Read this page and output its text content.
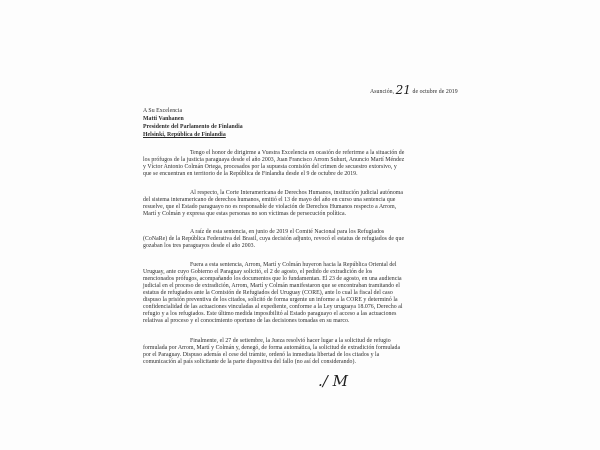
Asunción, 21 de octubre de 2019
A Su Excelencia
Matti Vanhanen
Presidente del Parlamento de Finlandia
Helsinki, República de Finlandia
Tengo el honor de dirigirme a Vuestra Excelencia en ocasión de referirme a la situación de
los prófugos de la justicia paraguaya desde el año 2003, Juan Francisco Arrom Suhurt, Anuncio Martí Méndez
y Víctor Antonio Colmán Ortega, procesados por la supuesta comisión del crimen de secuestro extorsivo, y
que se encuentran en territorio de la República de Finlandia desde el 9 de octubre de 2019.
Al respecto, la Corte Interamericana de Derechos Humanos, institución judicial autónoma
del sistema interamericano de derechos humanos, emitió el 13 de mayo del año en curso una sentencia que
resuelve, que el Estado paraguayo no es responsable de violación de Derechos Humanos respecto a Arrom,
Martí y Colmán y expresa que estas personas no son víctimas de persecución política.
A raíz de esta sentencia, en junio de 2019 el Comité Nacional para los Refugiados
(CoNaRe) de la República Federativa del Brasil, cuya decisión adjunto, revocó el estatus de refugiados de que
gozaban los tres paraguayos desde el año 2003.
Fuera a esta sentencia, Arrom, Martí y Colmán huyeron hacia la República Oriental del
Uruguay, ante cuyo Gobierno el Paraguay solicitó, el 2 de agosto, el pedido de extradición de los
mencionados prófugos, acompañando los documentos que lo fundamentan. El 23 de agosto, en una audiencia
judicial en el proceso de extradición, Arrom, Martí y Colmán manifestaron que se encontraban tramitando el
estatus de refugiados ante la Comisión de Refugiados del Uruguay (CORE), ante lo cual la fiscal del caso
dispuso la prisión preventiva de los citados, solicitó de forma urgente un informe a la CORE y determinó la
confidencialidad de las actuaciones vinculadas al expediente, conforme a la Ley uruguaya 18.076, Derecho al
refugio y a los refugiados. Este último medida imposibilitó al Estado paraguayo el acceso a las actuaciones
relativas al proceso y el conocimiento oportuno de las decisiones tomadas en su marco.
Finalmente, el 27 de setiembre, la Jueza resolvió hacer lugar a la solicitud de refugio
formulada por Arrom, Martí y Colmán y, denegó, de forma automática, la solicitud de extradición formulada
por el Paraguay. Dispuso además el cese del trámite, ordenó la inmediata libertad de los citados y la
comunicación al país solicitante de la parte dispositiva del fallo (no así del considerando).
./ M
